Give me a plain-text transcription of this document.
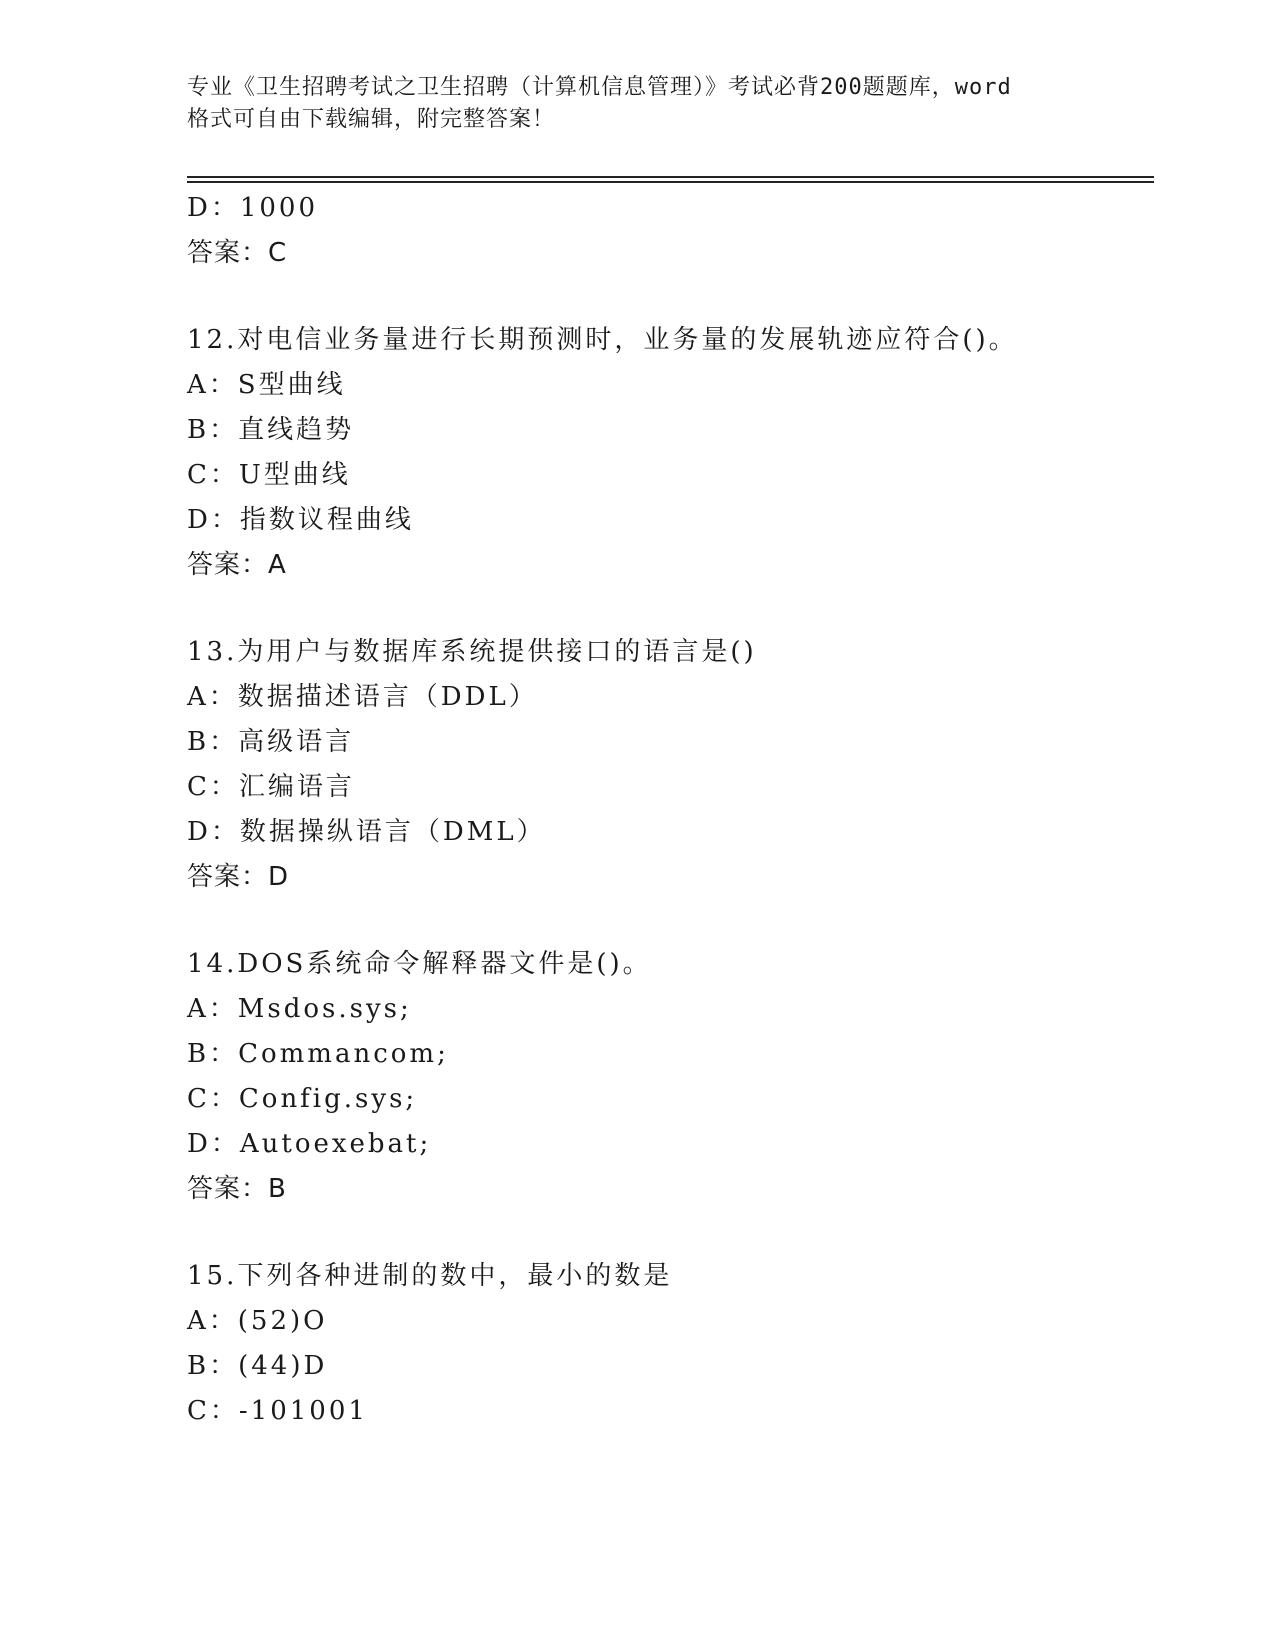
专业《卫生招聘考试之卫生招聘（计算机信息管理）》考试必背200题题库，word
格式可自由下载编辑，附完整答案！
D：1000
答案：C
12.对电信业务量进行长期预测时，业务量的发展轨迹应符合()。
A：S型曲线
B：直线趋势
C：U型曲线
D：指数议程曲线
答案：A
13.为用户与数据库系统提供接口的语言是()
A：数据描述语言（DDL）
B：高级语言
C：汇编语言
D：数据操纵语言（DML）
答案：D
14.DOS系统命令解释器文件是()。
A：Msdos.sys;
B：Commancom;
C：Config.sys;
D：Autoexebat;
答案：B
15.下列各种进制的数中，最小的数是
A：(52)O
B：(44)D
C：-101001
